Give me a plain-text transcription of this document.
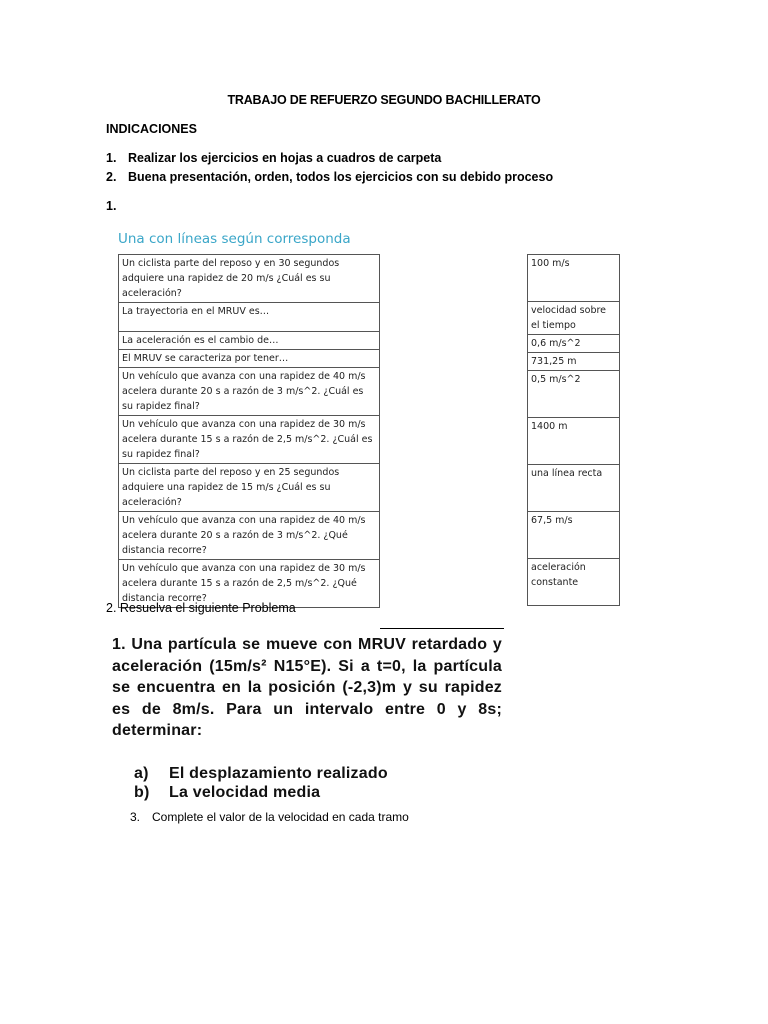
TRABAJO DE REFUERZO SEGUNDO BACHILLERATO
INDICACIONES
1. Realizar los ejercicios en hojas a cuadros de carpeta
2. Buena presentación, orden, todos los ejercicios con su debido proceso
1.
Una con líneas según corresponda
Un ciclista parte del reposo y en 30 segundos adquiere una rapidez de 20 m/s ¿Cuál es su aceleración?

La trayectoria en el MRUV es…

La aceleración es el cambio de…

El MRUV se caracteriza por tener…

Un vehículo que avanza con una rapidez de 40 m/s acelera durante 20 s a razón de 3 m/s^2. ¿Cuál es su rapidez final?

Un vehículo que avanza con una rapidez de 30 m/s acelera durante 15 s a razón de 2,5 m/s^2. ¿Cuál es su rapidez final?

Un ciclista parte del reposo y en 25 segundos adquiere una rapidez de 15 m/s ¿Cuál es su aceleración?

Un vehículo que avanza con una rapidez de 40 m/s acelera durante 20 s a razón de 3 m/s^2. ¿Qué distancia recorre?

Un vehículo que avanza con una rapidez de 30 m/s acelera durante 15 s a razón de 2,5 m/s^2. ¿Qué distancia recorre?
100 m/s

velocidad sobre el tiempo

0,6 m/s^2

731,25 m

0,5 m/s^2

1400 m

una línea recta

67,5 m/s

aceleración constante
2. Resuelva el siguiente Problema
1. Una partícula se mueve con MRUV retardado y aceleración (15m/s² N15°E). Si a t=0, la partícula se encuentra en la posición (-2,3)m y su rapidez es de 8m/s. Para un intervalo entre 0 y 8s; determinar:
a) El desplazamiento realizado
b) La velocidad media
3. Complete el valor de la velocidad en cada tramo
